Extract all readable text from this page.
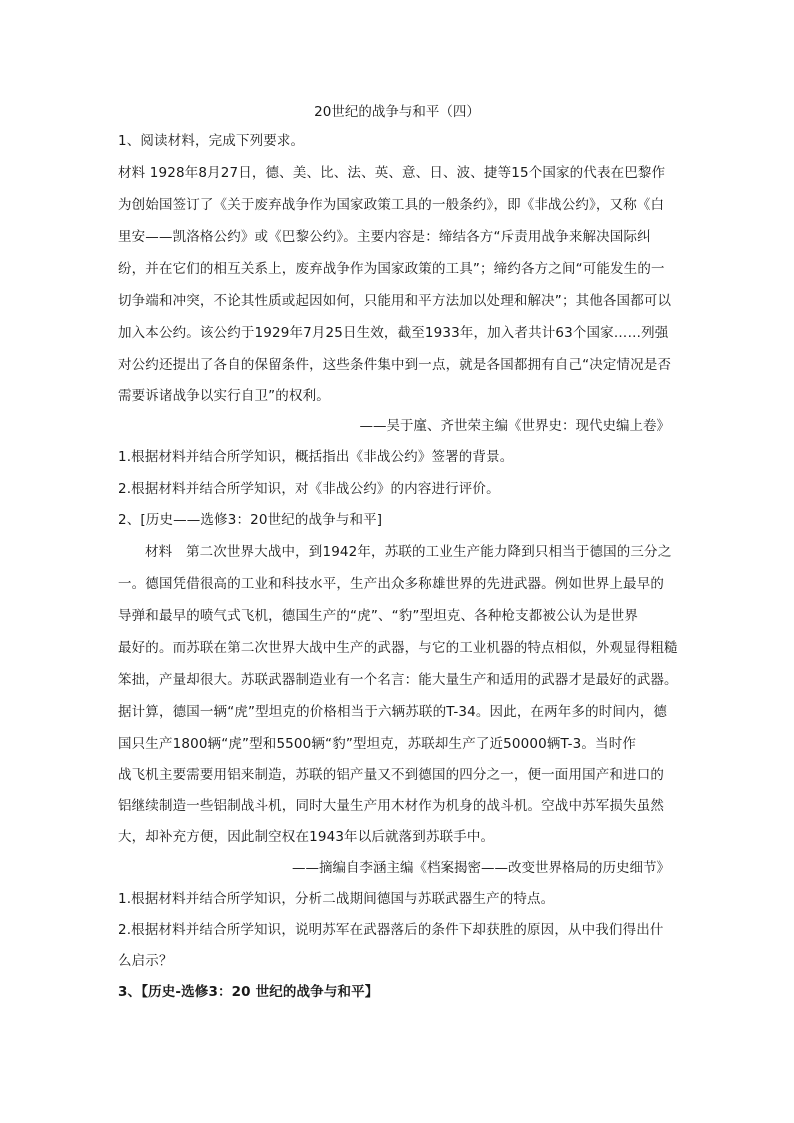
20世纪的战争与和平（四）
1、阅读材料，完成下列要求。
材料 1928年8月27日，德、美、比、法、英、意、日、波、捷等15个国家的代表在巴黎作
为创始国签订了《关于废弃战争作为国家政策工具的一般条约》，即《非战公约》，又称《白
里安——凯洛格公约》或《巴黎公约》。主要内容是：缔结各方“斥责用战争来解决国际纠
纷，并在它们的相互关系上，废弃战争作为国家政策的工具”；缔约各方之间“可能发生的一
切争端和冲突，不论其性质或起因如何，只能用和平方法加以处理和解决”；其他各国都可以
加入本公约。该公约于1929年7月25日生效，截至1933年，加入者共计63个国家……列强
对公约还提出了各自的保留条件，这些条件集中到一点，就是各国都拥有自己“决定情况是否
需要诉诸战争以实行自卫”的权利。
——吴于廑、齐世荣主编《世界史：现代史编上卷》
1.根据材料并结合所学知识，概括指出《非战公约》签署的背景。
2.根据材料并结合所学知识，对《非战公约》的内容进行评价。
2、[历史——选修3：20世纪的战争与和平]
材料　第二次世界大战中，到1942年，苏联的工业生产能力降到只相当于德国的三分之
一。德国凭借很高的工业和科技水平，生产出众多称雄世界的先进武器。例如世界上最早的
导弹和最早的喷气式飞机，德国生产的“虎”、“豹”型坦克、各种枪支都被公认为是世界
最好的。而苏联在第二次世界大战中生产的武器，与它的工业机器的特点相似，外观显得粗糙
笨拙，产量却很大。苏联武器制造业有一个名言：能大量生产和适用的武器才是最好的武器。
据计算，德国一辆“虎”型坦克的价格相当于六辆苏联的T-34。因此，在两年多的时间内，德
国只生产1800辆“虎”型和5500辆“豹”型坦克，苏联却生产了近50000辆T-3。当时作
战飞机主要需要用铝来制造，苏联的铝产量又不到德国的四分之一，便一面用国产和进口的
铝继续制造一些铝制战斗机，同时大量生产用木材作为机身的战斗机。空战中苏军损失虽然
大，却补充方便，因此制空权在1943年以后就落到苏联手中。
——摘编自李涵主编《档案揭密——改变世界格局的历史细节》
1.根据材料并结合所学知识，分析二战期间德国与苏联武器生产的特点。
2.根据材料并结合所学知识，说明苏军在武器落后的条件下却获胜的原因，从中我们得出什
么启示？
3、【历史-选修3：20 世纪的战争与和平】
